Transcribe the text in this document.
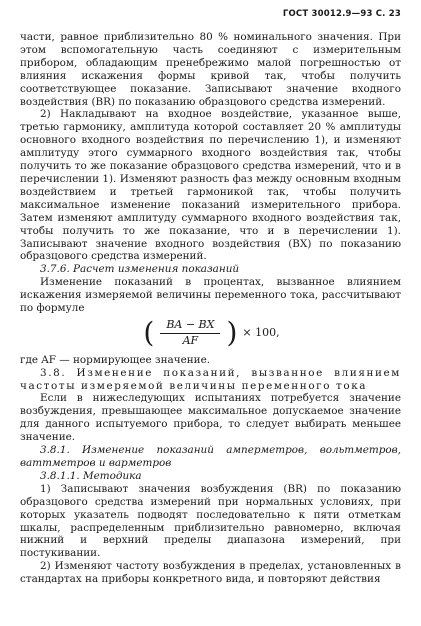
ГОСТ 30012.9—93 С. 23

части, равное приблизительно 80 % номинального значения. При этом вспомогательную часть соединяют с измерительным прибором, обладающим пренебрежимо малой погрешностью от влияния искажения формы кривой так, чтобы получить соответствующее показание. Записывают значение входного воздействия (BR) по показанию образцового средства измерений.

2) Накладывают на входное воздействие, указанное выше, третью гармонику, амплитуда которой составляет 20 % амплитуды основного входного воздействия по перечислению 1), и изменяют амплитуду этого суммарного входного воздействия так, чтобы получить то же показание образцового средства измерений, что и в перечислении 1). Изменяют разность фаз между основным входным воздействием и третьей гармоникой так, чтобы получить максимальное изменение показаний измерительного прибора. Затем изменяют амплитуду суммарного входного воздействия так, чтобы получить то же показание, что и в перечислении 1). Записывают значение входного воздействия (BX) по показанию образцового средства измерений.

3.7.6. Расчет изменения показаний

Изменение показаний в процентах, вызванное влиянием искажения измеряемой величины переменного тока, рассчитывают по формуле

( $\frac{BA - BX}{AF}$ ) × 100,

где AF — нормирующее значение.

3.8. Изменение показаний, вызванное влиянием частоты измеряемой величины переменного тока

Если в нижеследующих испытаниях потребуется значение возбуждения, превышающее максимальное допускаемое значение для данного испытуемого прибора, то следует выбирать меньшее значение.

3.8.1. Изменение показаний амперметров, вольтметров, ваттметров и варметров

3.8.1.1. Методика

1) Записывают значения возбуждения (BR) по показанию образцового средства измерений при нормальных условиях, при которых указатель подводят последовательно к пяти отметкам шкалы, распределенным приблизительно равномерно, включая нижний и верхний пределы диапазона измерений, при постукивании.

2) Изменяют частоту возбуждения в пределах, установленных в стандартах на приборы конкретного вида, и повторяют действия
